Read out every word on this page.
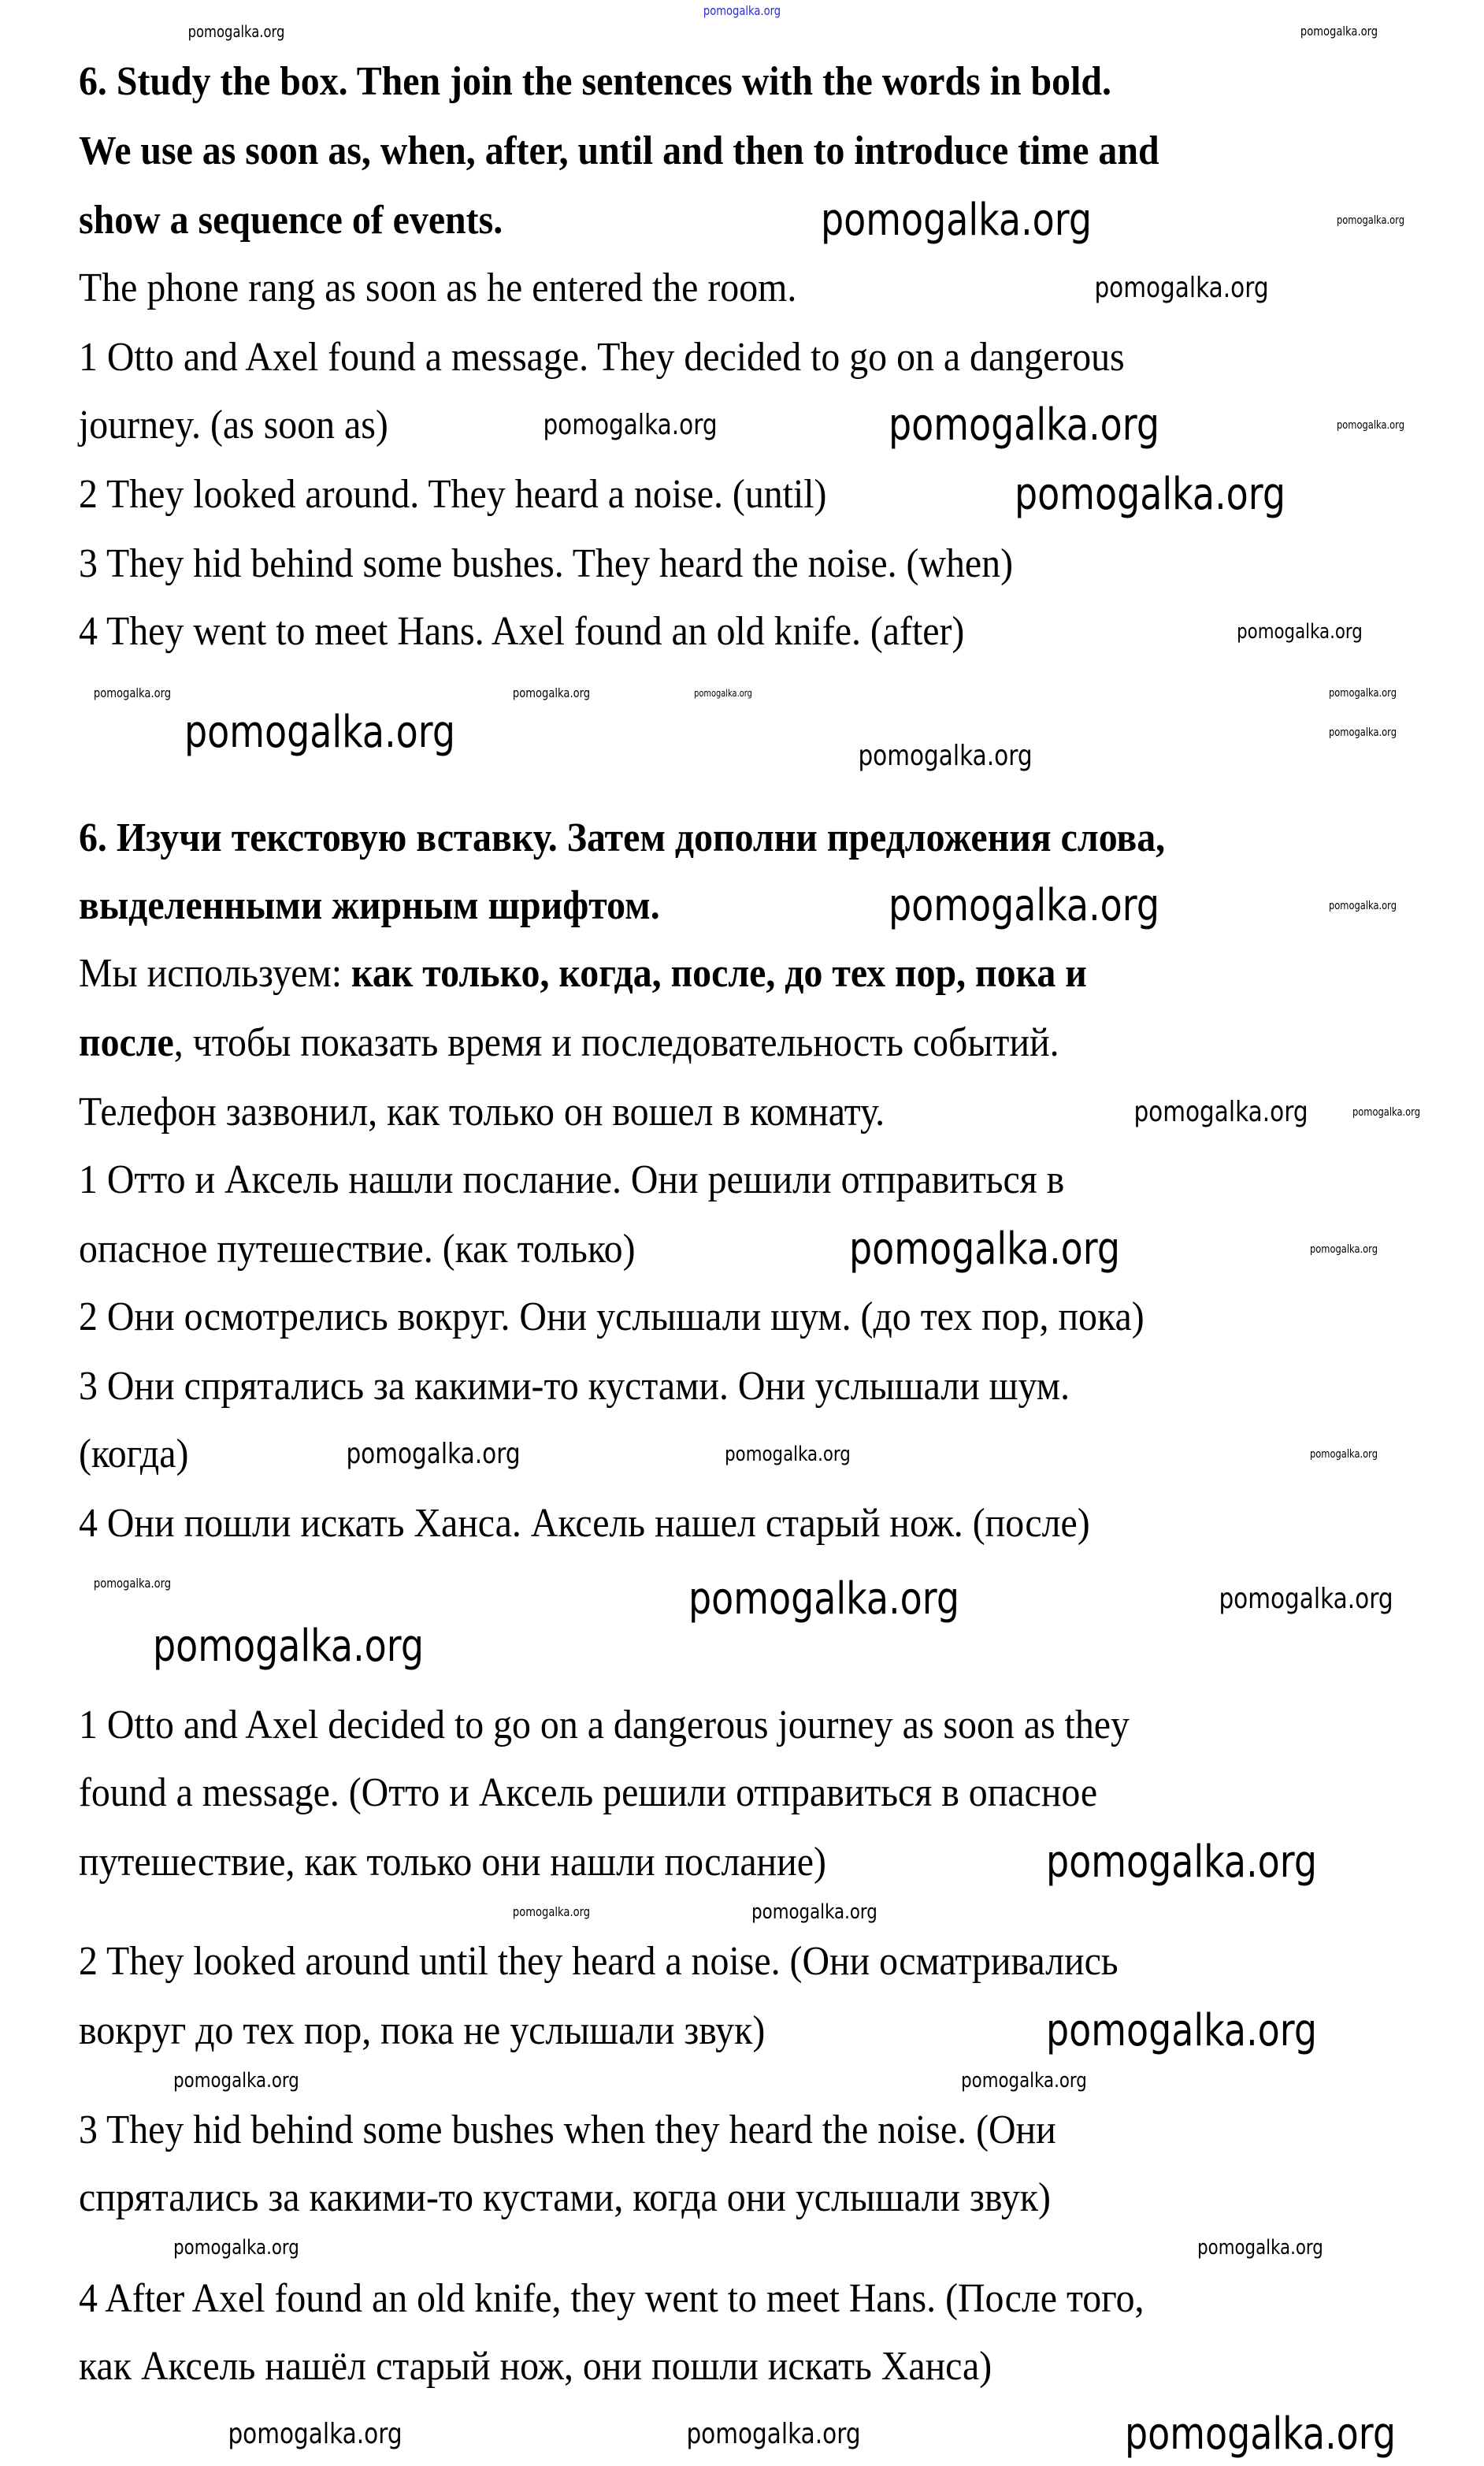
pomogalka.org
pomogalka.org	pomogalka.org
pomogalka.org	pomogalka.org
pomogalka.org
pomogalka.org	pomogalka.org	pomogalka.org
pomogalka.org
pomogalka.org
pomogalka.org
pomogalka.org
pomogalka.org
pomogalka.org
pomogalka.org
pomogalka.org	pomogalka.org
pomogalka.org	pomogalka.org
pomogalka.org	pomogalka.org
pomogalka.org	pomogalka.org
pomogalka.org	pomogalka.org	pomogalka.org
pomogalka.org	pomogalka.org
pomogalka.org
pomogalka.org
pomogalka.org
pomogalka.org
pomogalka.org
pomogalka.org
pomogalka.org	pomogalka.org
pomogalka.org	pomogalka.org
pomogalka.org
pomogalka.org	pomogalka.org
6. Study the box. Then join the sentences with the words in bold.
We use as soon as, when, after, until and then to introduce time and
show a sequence of events.
The phone rang as soon as he entered the room.
1 Otto and Axel found a message. They decided to go on a dangerous
journey. (as soon as)
2 They looked around. They heard a noise. (until)
3 They hid behind some bushes. They heard the noise. (when)
4 They went to meet Hans. Axel found an old knife. (after)
6. Изучи текстовую вставку. Затем дополни предложения слова,
выделенными жирным шрифтом.
Мы используем: как только, когда, после, до тех пор, пока и
после, чтобы показать время и последовательность событий.
Телефон зазвонил, как только он вошел в комнату.
1 Отто и Аксель нашли послание. Они решили отправиться в
опасное путешествие. (как только)
2 Они осмотрелись вокруг. Они услышали шум. (до тех пор, пока)
3 Они спрятались за какими-то кустами. Они услышали шум.
(когда)
4 Они пошли искать Ханса. Аксель нашел старый нож. (после)
1 Otto and Axel decided to go on a dangerous journey as soon as they
found a message. (Отто и Аксель решили отправиться в опасное
путешествие, как только они нашли послание)
2 They looked around until they heard a noise. (Они осматривались
вокруг до тех пор, пока не услышали звук)
3 They hid behind some bushes when they heard the noise. (Они
спрятались за какими-то кустами, когда они услышали звук)
4 After Axel found an old knife, they went to meet Hans. (После того,
как Аксель нашёл старый нож, они пошли искать Ханса)
